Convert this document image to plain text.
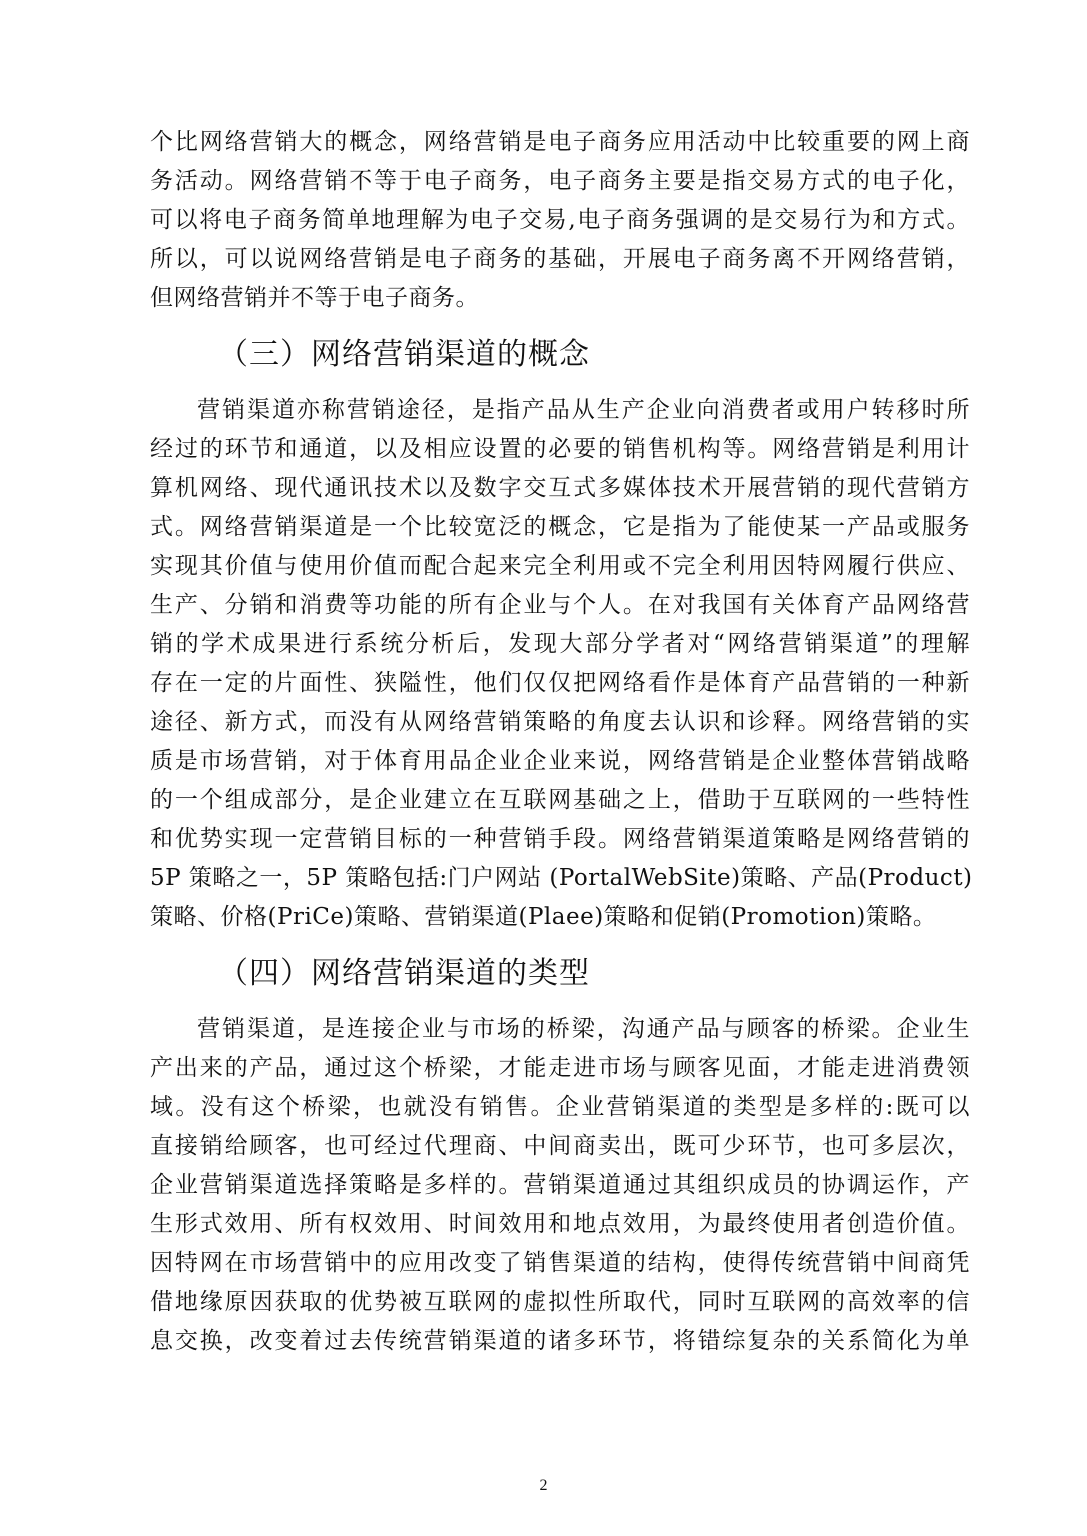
个比网络营销大的概念，网络营销是电子商务应用活动中比较重要的网上商
务活动。网络营销不等于电子商务，电子商务主要是指交易方式的电子化，
可以将电子商务简单地理解为电子交易,电子商务强调的是交易行为和方式。
所以，可以说网络营销是电子商务的基础，开展电子商务离不开网络营销，
但网络营销并不等于电子商务。
（三）网络营销渠道的概念
营销渠道亦称营销途径，是指产品从生产企业向消费者或用户转移时所
经过的环节和通道，以及相应设置的必要的销售机构等。网络营销是利用计
算机网络、现代通讯技术以及数字交互式多媒体技术开展营销的现代营销方
式。网络营销渠道是一个比较宽泛的概念，它是指为了能使某一产品或服务
实现其价值与使用价值而配合起来完全利用或不完全利用因特网履行供应、
生产、分销和消费等功能的所有企业与个人。在对我国有关体育产品网络营
销的学术成果进行系统分析后，发现大部分学者对“网络营销渠道”的理解
存在一定的片面性、狭隘性，他们仅仅把网络看作是体育产品营销的一种新
途径、新方式，而没有从网络营销策略的角度去认识和诊释。网络营销的实
质是市场营销，对于体育用品企业企业来说，网络营销是企业整体营销战略
的一个组成部分，是企业建立在互联网基础之上，借助于互联网的一些特性
和优势实现一定营销目标的一种营销手段。网络营销渠道策略是网络营销的
5P 策略之一，5P 策略包括:门户网站 (PortalWebSite)策略、产品(Product)
策略、价格(PriCe)策略、营销渠道(Plaee)策略和促销(Promotion)策略。
（四）网络营销渠道的类型
营销渠道，是连接企业与市场的桥梁，沟通产品与顾客的桥梁。企业生
产出来的产品，通过这个桥梁，才能走进市场与顾客见面，才能走进消费领
域。没有这个桥梁，也就没有销售。企业营销渠道的类型是多样的:既可以
直接销给顾客，也可经过代理商、中间商卖出，既可少环节，也可多层次，
企业营销渠道选择策略是多样的。营销渠道通过其组织成员的协调运作，产
生形式效用、所有权效用、时间效用和地点效用，为最终使用者创造价值。
因特网在市场营销中的应用改变了销售渠道的结构，使得传统营销中间商凭
借地缘原因获取的优势被互联网的虚拟性所取代，同时互联网的高效率的信
息交换，改变着过去传统营销渠道的诸多环节，将错综复杂的关系简化为单
2
